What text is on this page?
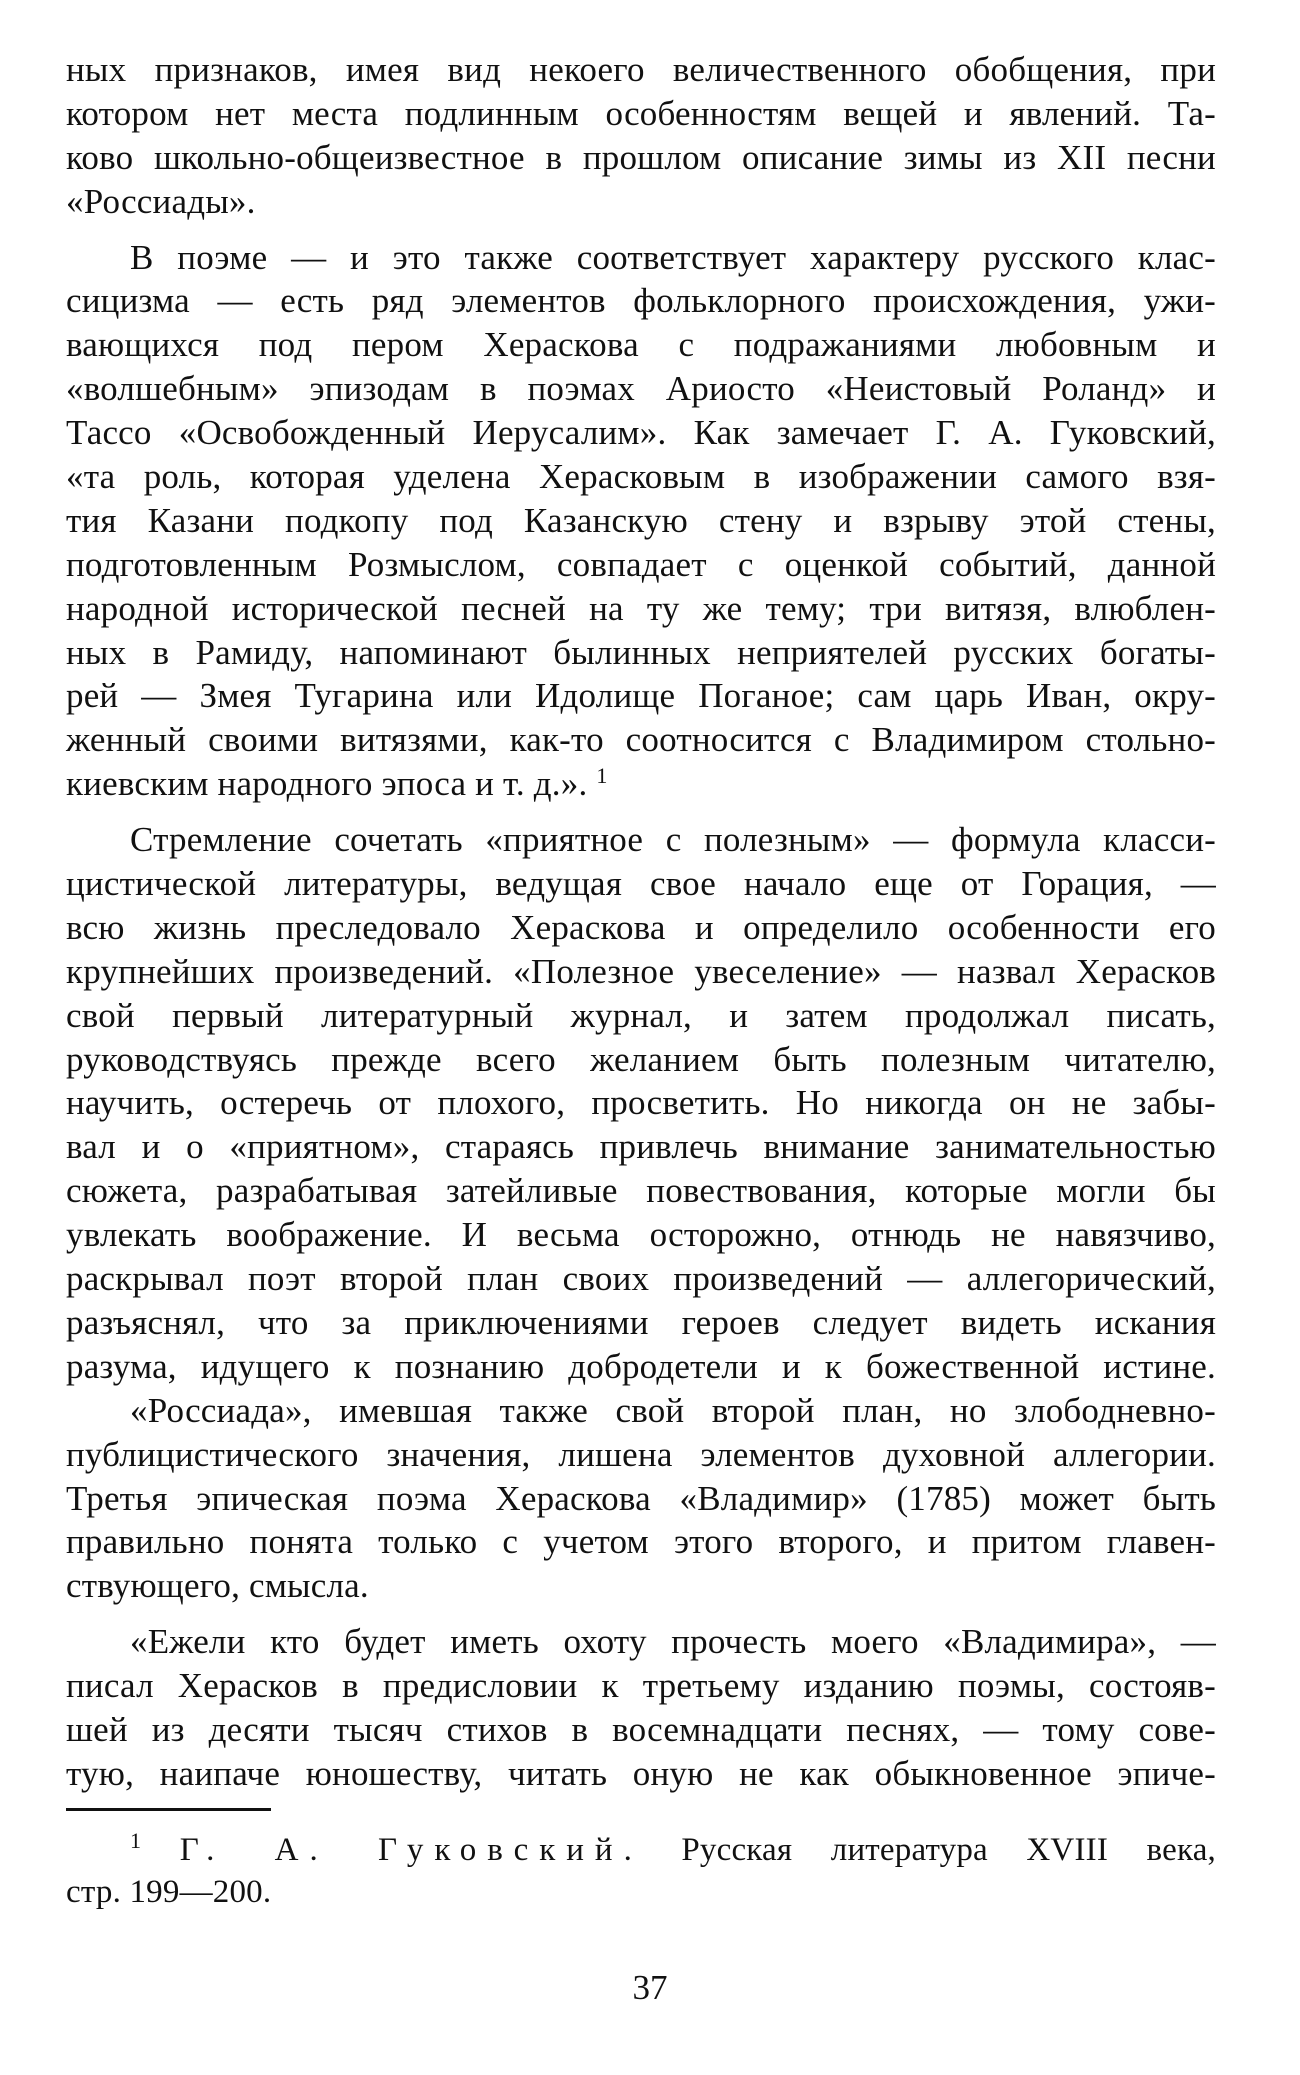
ных признаков, имея вид некоего величественного обобщения, при
котором нет места подлинным особенностям вещей и явлений. Та-
ково школьно-общеизвестное в прошлом описание зимы из XII песни
«Россиады».
В поэме — и это также соответствует характеру русского клас-
сицизма — есть ряд элементов фольклорного происхождения, ужи-
вающихся под пером Хераскова с подражаниями любовным и
«волшебным» эпизодам в поэмах Ариосто «Неистовый Роланд» и
Тассо «Освобожденный Иерусалим». Как замечает Г. А. Гуковский,
«та роль, которая уделена Херасковым в изображении самого взя-
тия Казани подкопу под Казанскую стену и взрыву этой стены,
подготовленным Розмыслом, совпадает с оценкой событий, данной
народной исторической песней на ту же тему; три витязя, влюблен-
ных в Рамиду, напоминают былинных неприятелей русских богаты-
рей — Змея Тугарина или Идолище Поганое; сам царь Иван, окру-
женный своими витязями, как-то соотносится с Владимиром стольно-
киевским народного эпоса и т. д.». $^1$
Стремление сочетать «приятное с полезным» — формула класси-
цистической литературы, ведущая свое начало еще от Горация, —
всю жизнь преследовало Хераскова и определило особенности его
крупнейших произведений. «Полезное увеселение» — назвал Херасков
свой первый литературный журнал, и затем продолжал писать,
руководствуясь прежде всего желанием быть полезным читателю,
научить, остеречь от плохого, просветить. Но никогда он не забы-
вал и о «приятном», стараясь привлечь внимание занимательностью
сюжета, разрабатывая затейливые повествования, которые могли бы
увлекать воображение. И весьма осторожно, отнюдь не навязчиво,
раскрывал поэт второй план своих произведений — аллегорический,
разъяснял, что за приключениями героев следует видеть искания
разума, идущего к познанию добродетели и к божественной истине.
«Россиада», имевшая также свой второй план, но злободневно-
публицистического значения, лишена элементов духовной аллегории.
Третья эпическая поэма Хераскова «Владимир» (1785) может быть
правильно понята только с учетом этого второго, и притом главен-
ствующего, смысла.
«Ежели кто будет иметь охоту прочесть моего «Владимира», —
писал Херасков в предисловии к третьему изданию поэмы, состояв-
шей из десяти тысяч стихов в восемнадцати песнях, — тому сове-
тую, наипаче юношеству, читать оную не как обыкновенное эпиче-
$^1$ Г. А. Гуковский. Русская литература XVIII века,
стр. 199—200.
37
